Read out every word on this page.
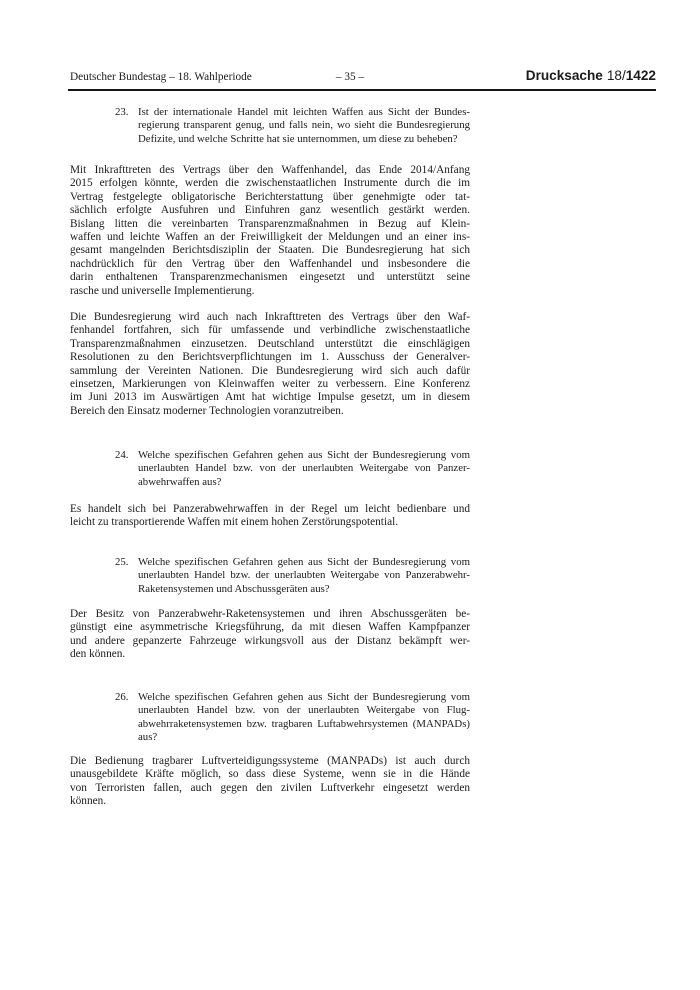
Deutscher Bundestag – 18. Wahlperiode	– 35 –	Drucksache 18/1422
23. Ist der internationale Handel mit leichten Waffen aus Sicht der Bundes-
regierung transparent genug, und falls nein, wo sieht die Bundesregierung
Defizite, und welche Schritte hat sie unternommen, um diese zu beheben?
Mit Inkrafttreten des Vertrags über den Waffenhandel, das Ende 2014/Anfang
2015 erfolgen könnte, werden die zwischenstaatlichen Instrumente durch die im
Vertrag festgelegte obligatorische Berichterstattung über genehmigte oder tat-
sächlich erfolgte Ausfuhren und Einfuhren ganz wesentlich gestärkt werden.
Bislang litten die vereinbarten Transparenzmaßnahmen in Bezug auf Klein-
waffen und leichte Waffen an der Freiwilligkeit der Meldungen und an einer ins-
gesamt mangelnden Berichtsdisziplin der Staaten. Die Bundesregierung hat sich
nachdrücklich für den Vertrag über den Waffenhandel und insbesondere die
darin enthaltenen Transparenzmechanismen eingesetzt und unterstützt seine
rasche und universelle Implementierung.
Die Bundesregierung wird auch nach Inkrafttreten des Vertrags über den Waf-
fenhandel fortfahren, sich für umfassende und verbindliche zwischenstaatliche
Transparenzmaßnahmen einzusetzen. Deutschland unterstützt die einschlägigen
Resolutionen zu den Berichtsverpflichtungen im 1. Ausschuss der Generalver-
sammlung der Vereinten Nationen. Die Bundesregierung wird sich auch dafür
einsetzen, Markierungen von Kleinwaffen weiter zu verbessern. Eine Konferenz
im Juni 2013 im Auswärtigen Amt hat wichtige Impulse gesetzt, um in diesem
Bereich den Einsatz moderner Technologien voranzutreiben.
24. Welche spezifischen Gefahren gehen aus Sicht der Bundesregierung vom
unerlaubten Handel bzw. von der unerlaubten Weitergabe von Panzer-
abwehrwaffen aus?
Es handelt sich bei Panzerabwehrwaffen in der Regel um leicht bedienbare und
leicht zu transportierende Waffen mit einem hohen Zerstörungspotential.
25. Welche spezifischen Gefahren gehen aus Sicht der Bundesregierung vom
unerlaubten Handel bzw. der unerlaubten Weitergabe von Panzerabwehr-
Raketensystemen und Abschussgeräten aus?
Der Besitz von Panzerabwehr-Raketensystemen und ihren Abschussgeräten be-
günstigt eine asymmetrische Kriegsführung, da mit diesen Waffen Kampfpanzer
und andere gepanzerte Fahrzeuge wirkungsvoll aus der Distanz bekämpft wer-
den können.
26. Welche spezifischen Gefahren gehen aus Sicht der Bundesregierung vom
unerlaubten Handel bzw. von der unerlaubten Weitergabe von Flug-
abwehrraketensystemen bzw. tragbaren Luftabwehrsystemen (MANPADs)
aus?
Die Bedienung tragbarer Luftverteidigungssysteme (MANPADs) ist auch durch
unausgebildete Kräfte möglich, so dass diese Systeme, wenn sie in die Hände
von Terroristen fallen, auch gegen den zivilen Luftverkehr eingesetzt werden
können.
